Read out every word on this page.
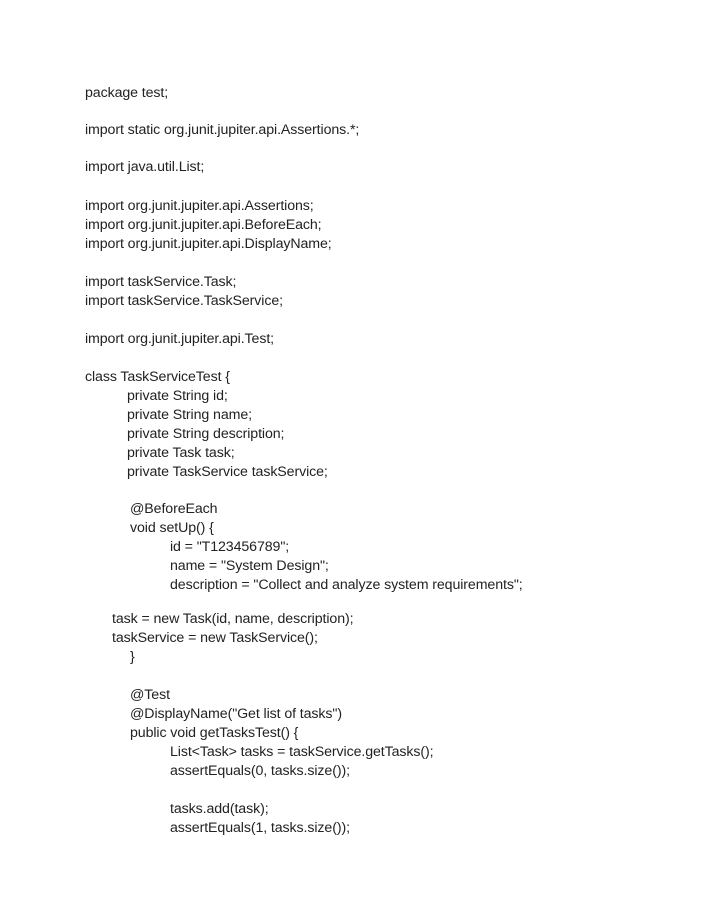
package test;
import static org.junit.jupiter.api.Assertions.*;
import java.util.List;
import org.junit.jupiter.api.Assertions;
import org.junit.jupiter.api.BeforeEach;
import org.junit.jupiter.api.DisplayName;
import taskService.Task;
import taskService.TaskService;
import org.junit.jupiter.api.Test;
class TaskServiceTest {
private String id;
private String name;
private String description;
private Task task;
private TaskService taskService;
@BeforeEach
void setUp() {
id = "T123456789";
name = "System Design";
description = "Collect and analyze system requirements";
task = new Task(id, name, description);
taskService = new TaskService();
}
@Test
@DisplayName("Get list of tasks")
public void getTasksTest() {
List<Task> tasks = taskService.getTasks();
assertEquals(0, tasks.size());
tasks.add(task);
assertEquals(1, tasks.size());
